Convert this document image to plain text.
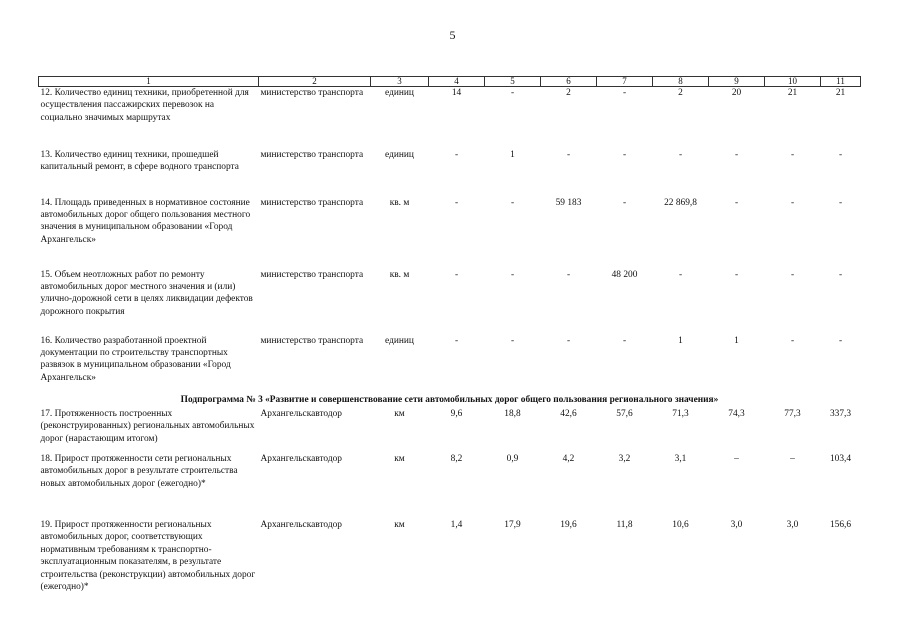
5
1	2	3	4	5	6	7	8	9	10	11
12. Количество единиц техники, приобретенной для осуществления пассажирских перевозок на социально значимых маршрутах	министерство транспорта	единиц	14	-	2	-	2	20	21	21
13. Количество единиц техники, прошедшей капитальный ремонт, в сфере водного транспорта	министерство транспорта	единиц	-	1	-	-	-	-	-	-
14. Площадь приведенных в нормативное состояние автомобильных дорог общего пользования местного значения в муниципальном образовании «Город Архангельск»	министерство транспорта	кв. м	-	-	59 183	-	22 869,8	-	-	-
15. Объем неотложных работ по ремонту автомобильных дорог местного значения и (или) улично-дорожной сети в целях ликвидации дефектов дорожного покрытия	министерство транспорта	кв. м	-	-	-	48 200	-	-	-	-
16. Количество разработанной проектной документации по строительству транспортных развязок в муниципальном образовании «Город Архангельск»	министерство транспорта	единиц	-	-	-	-	1	1	-	-
Подпрограмма № 3 «Развитие и совершенствование сети автомобильных дорог общего пользования регионального значения»										
17. Протяженность построенных (реконструированных) региональных автомобильных дорог (нарастающим итогом)	Архангельскавтодор	км	9,6	18,8	42,6	57,6	71,3	74,3	77,3	337,3
18. Прирост протяженности сети региональных автомобильных дорог в результате строительства новых автомобильных дорог (ежегодно)*	Архангельскавтодор	км	8,2	0,9	4,2	3,2	3,1	–	–	103,4
19. Прирост протяженности региональных автомобильных дорог, соответствующих нормативным требованиям к транспортно-эксплуатационным показателям, в результате строительства (реконструкции) автомобильных дорог (ежегодно)*	Архангельскавтодор	км	1,4	17,9	19,6	11,8	10,6	3,0	3,0	156,6
